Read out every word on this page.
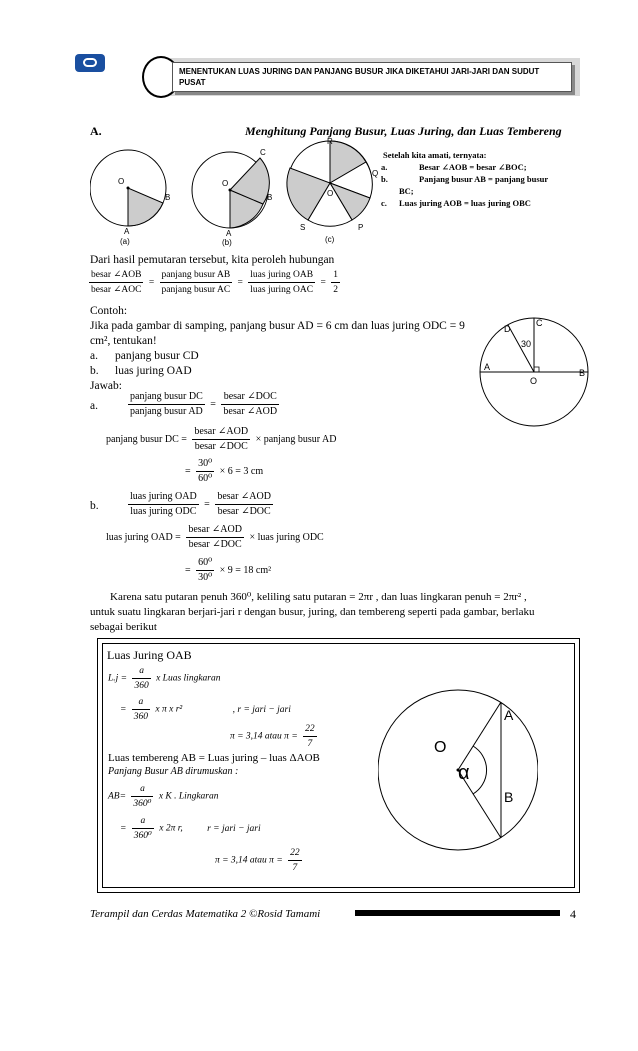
MENENTUKAN LUAS JURING DAN PANJANG BUSUR JIKA DIKETAHUI JARI-JARI DAN SUDUT
PUSAT
A.	Menghitung Panjang Busur, Luas Juring, dan Luas Tembereng
O
B
A
(a)
O
C
B
A
(b)
R
Q
O
S	P
(c)
Setelah kita amati, ternyata:
a.	Besar ∠AOB = besar ∠BOC;
b.	Panjang busur AB = panjang busur
BC;
c. Luas juring AOB = luas juring OBC
Dari hasil pemutaran tersebut, kita peroleh hubungan
$\frac{\text{besar ∠AOB}}{\text{besar ∠AOC}} = \frac{\text{panjang busur AB}}{\text{panjang busur AC}} = \frac{\text{luas juring OAB}}{\text{luas juring OAC}} = \frac{1}{2}$
Contoh:
Jika pada gambar di samping, panjang busur AD = 6 cm dan luas juring ODC = 9
cm², tentukan!
a. panjang busur CD
b. luas juring OAD
Jawab:
D
C
A
O
B
30
a.	$\frac{\text{panjang busur DC}}{\text{panjang busur AD}} = \frac{\text{besar ∠DOC}}{\text{besar ∠AOD}}$
panjang busur DC = $\frac{\text{besar ∠AOD}}{\text{besar ∠DOC}}$ × panjang busur AD
= $\frac{\text{30⁰}}{\text{60⁰}} \times 6 = 3$ cm
b.	$\frac{\text{luas juring OAD}}{\text{luas juring ODC}} = \frac{\text{besar ∠AOD}}{\text{besar ∠DOC}}$
luas juring OAD = $\frac{\text{besar ∠AOD}}{\text{besar ∠DOC}}$ × luas juring ODC
= $\frac{\text{60⁰}}{\text{30⁰}} \times 9 = 18$ cm²
Karena satu putaran penuh 360⁰, keliling satu putaran = 2πr , dan luas lingkaran penuh = 2πr² ,
untuk suatu lingkaran berjari-jari r dengan busur, juring, dan tembereng seperti pada gambar, berlaku
sebagai berikut
Luas Juring OAB
$L.j = \frac{a}{360}$ x Luas lingkaran
= $\frac{a}{360}$ x π x r²	, r = jari − jari
π = 3,14 atau $\pi = \frac{22}{7}$
Luas tembereng AB = Luas juring – luas ΔAOB
Panjang Busur AB dirumuskan :
$AB= \frac{a}{\text{360⁰}}$ x K . Lingkaran
= $\frac{a}{\text{360⁰}}$ x 2π r,	r = jari − jari
π = 3,14 atau $\pi = \frac{22}{7}$
O
α
A
B
Terampil dan Cerdas Matematika 2 ©Rosid Tamami	4
